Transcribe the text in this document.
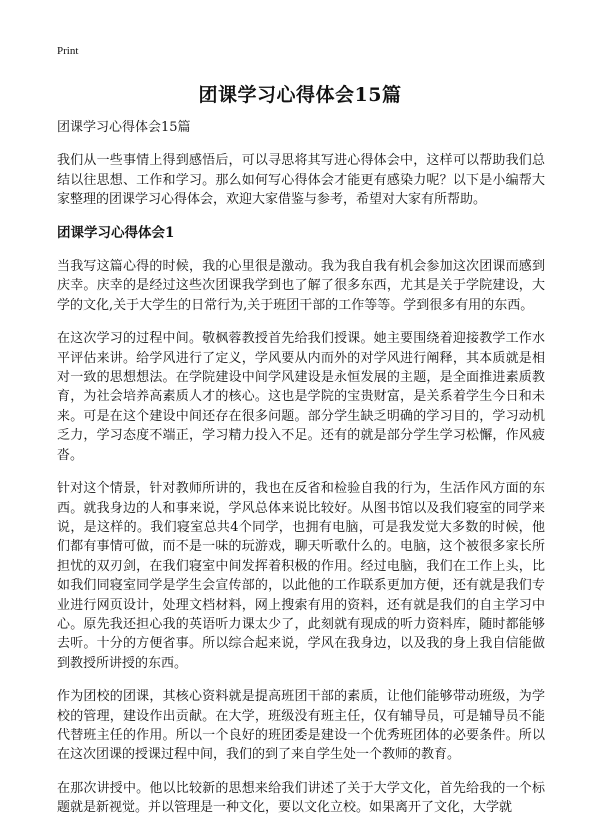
Print
团课学习心得体会15篇

团课学习心得体会15篇

我们从一些事情上得到感悟后，可以寻思将其写进心得体会中，这样可以帮助我们总结以往思想、工作和学习。那么如何写心得体会才能更有感染力呢？以下是小编帮大家整理的团课学习心得体会，欢迎大家借鉴与参考，希望对大家有所帮助。

团课学习心得体会1

当我写这篇心得的时候，我的心里很是激动。我为我自我有机会参加这次团课而感到庆幸。庆幸的是经过这些次团课我学到也了解了很多东西，尤其是关于学院建设，大学的文化,关于大学生的日常行为,关于班团干部的工作等等。学到很多有用的东西。

在这次学习的过程中间。敬枫蓉教授首先给我们授课。她主要围绕着迎接教学工作水平评估来讲。给学风进行了定义，学风要从内而外的对学风进行阐释，其本质就是相对一致的思想想法。在学院建设中间学风建设是永恒发展的主题，是全面推进素质教育，为社会培养高素质人才的核心。这也是学院的宝贵财富，是关系着学生今日和未来。可是在这个建设中间还存在很多问题。部分学生缺乏明确的学习目的，学习动机乏力，学习态度不端正，学习精力投入不足。还有的就是部分学生学习松懈，作风疲沓。

针对这个情景，针对教师所讲的，我也在反省和检验自我的行为，生活作风方面的东西。就我身边的人和事来说，学风总体来说比较好。从图书馆以及我们寝室的同学来说，是这样的。我们寝室总共4个同学，也拥有电脑，可是我发觉大多数的时候，他们都有事情可做，而不是一味的玩游戏，聊天听歌什么的。电脑，这个被很多家长所担忧的双刃剑，在我们寝室中间发挥着积极的作用。经过电脑，我们在工作上头，比如我们同寝室同学是学生会宣传部的，以此他的工作联系更加方便，还有就是我们专业进行网页设计，处理文档材料，网上搜索有用的资料，还有就是我们的自主学习中心。原先我还担心我的英语听力课太少了，此刻就有现成的听力资料库，随时都能够去听。十分的方便省事。所以综合起来说，学风在我身边，以及我的身上我自信能做到教授所讲授的东西。

作为团校的团课，其核心资料就是提高班团干部的素质，让他们能够带动班级，为学校的管理，建设作出贡献。在大学，班级没有班主任，仅有辅导员，可是辅导员不能代替班主任的作用。所以一个良好的班团委是建设一个优秀班团体的必要条件。所以在这次团课的授课过程中间，我们的到了来自学生处一个教师的教育。

在那次讲授中。他以比较新的思想来给我们讲述了关于大学文化，首先给我的一个标题就是新视觉。并以管理是一种文化，要以文化立校。如果离开了文化，大学就
